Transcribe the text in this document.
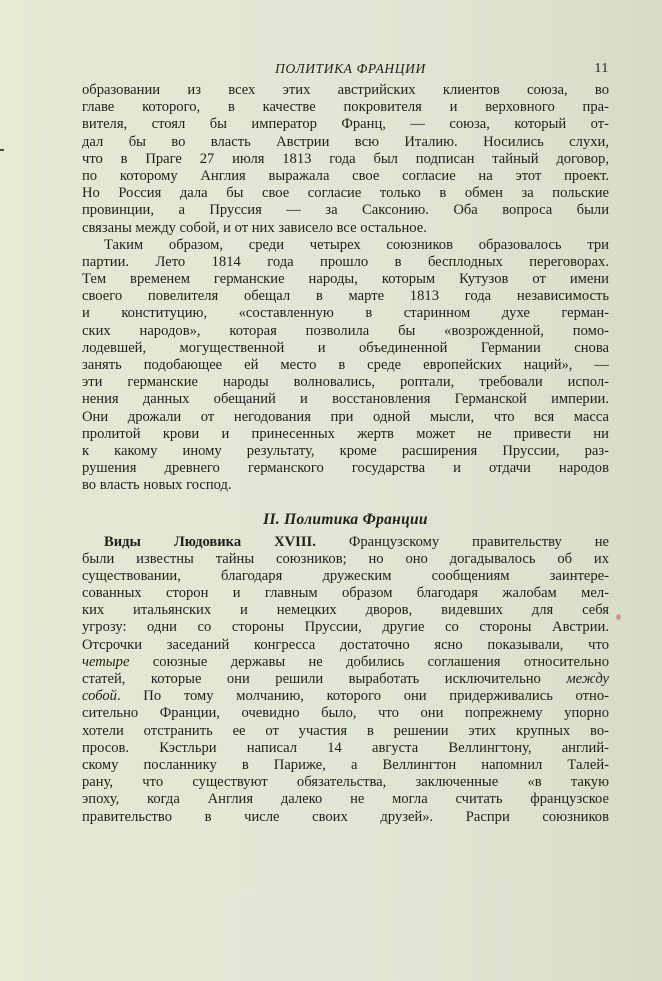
ПОЛИТИКА ФРАНЦИИ	11
образовании из всех этих австрийских клиентов союза, во
главе которого, в качестве покровителя и верховного пра-
вителя, стоял бы император Франц, — союза, который от-
дал бы во власть Австрии всю Италию. Носились слухи,
что в Праге 27 июля 1813 года был подписан тайный договор,
по которому Англия выражала свое согласие на этот проект.
Но Россия дала бы свое согласие только в обмен за польские
провинции, а Пруссия — за Саксонию. Оба вопроса были
связаны между собой, и от них зависело все остальное.
Таким образом, среди четырех союзников образовалось три
партии. Лето 1814 года прошло в бесплодных переговорах.
Тем временем германские народы, которым Кутузов от имени
своего повелителя обещал в марте 1813 года независимость
и конституцию, «составленную в старинном духе герман-
ских народов», которая позволила бы «возрожденной, помо-
лодевшей, могущественной и объединенной Германии снова
занять подобающее ей место в среде европейских наций», —
эти германские народы волновались, роптали, требовали испол-
нения данных обещаний и восстановления Германской империи.
Они дрожали от негодования при одной мысли, что вся масса
пролитой крови и принесенных жертв может не привести ни
к какому иному результату, кроме расширения Пруссии, раз-
рушения древнего германского государства и отдачи народов
во власть новых господ.
II. Политика Франции
Виды Людовика XVIII. Французскому правительству не
были известны тайны союзников; но оно догадывалось об их
существовании, благодаря дружеским сообщениям заинтере-
сованных сторон и главным образом благодаря жалобам мел-
ких итальянских и немецких дворов, видевших для себя
угрозу: одни со стороны Пруссии, другие со стороны Австрии.
Отсрочки заседаний конгресса достаточно ясно показывали, что
четыре союзные державы не добились соглашения относительно
статей, которые они решили выработать исключительно между
собой. По тому молчанию, которого они придерживались отно-
сительно Франции, очевидно было, что они попрежнему упорно
хотели отстранить ее от участия в решении этих крупных во-
просов. Кэстльри написал 14 августа Веллингтону, англий-
скому посланнику в Париже, а Веллингтон напомнил Талей-
рану, что существуют обязательства, заключенные «в такую
эпоху, когда Англия далеко не могла считать французское
правительство в числе своих друзей». Распри союзников
